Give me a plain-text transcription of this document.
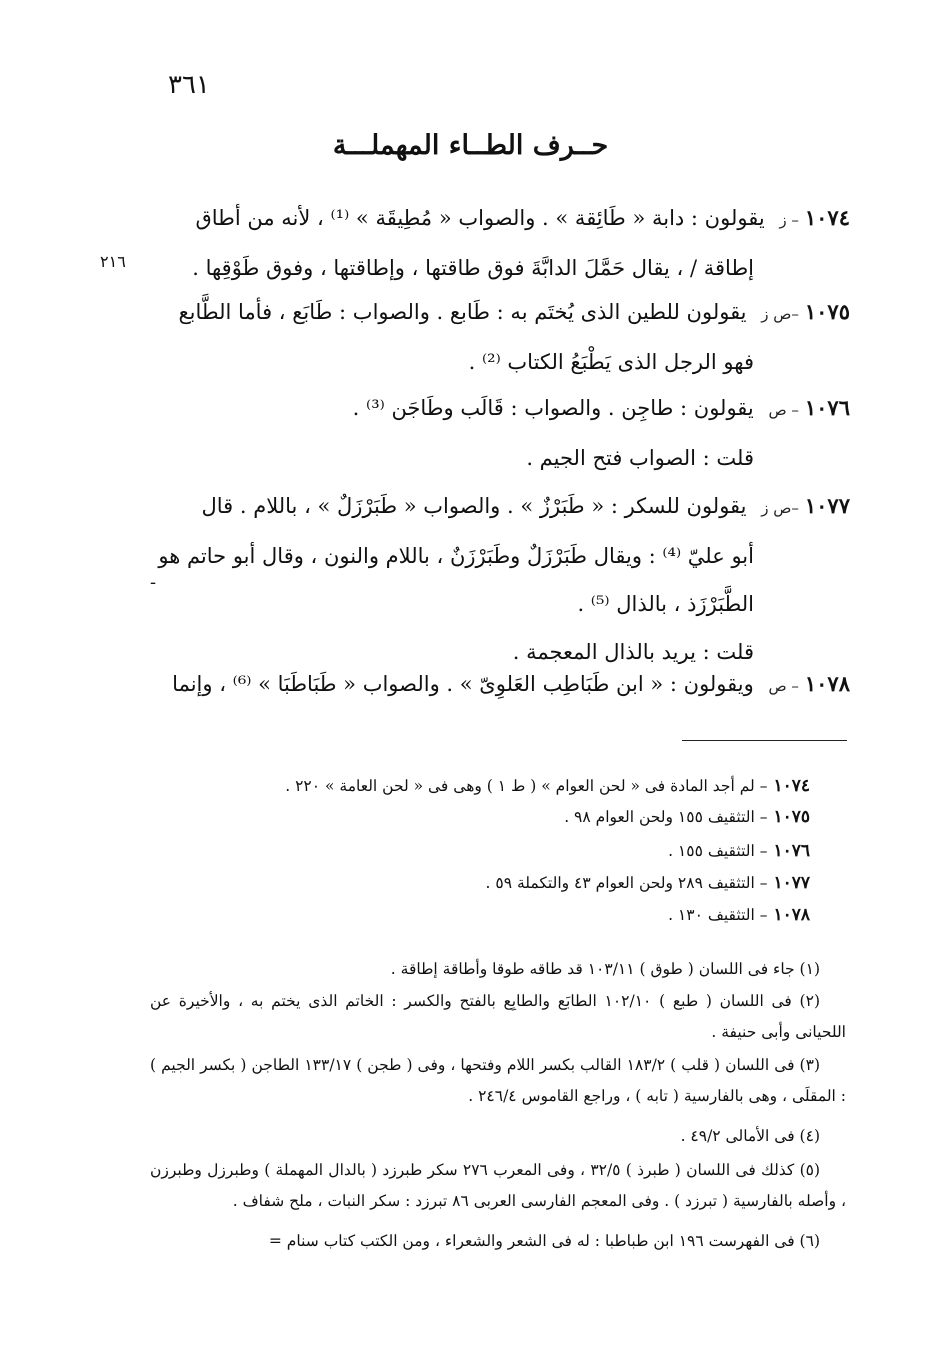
٣٦١
حــرف الطــاء المهملـــة
٢١٦
-
١٠٧٤– ز يقولون : دابة « طَائِقة » . والصواب « مُطِيقَة » ⁽¹⁾ ، لأنه من أطاق
إطاقة / ، يقال حَمَّلَ الدابَّةَ فوق طاقتها ، وإطاقتها ، وفوق طَوْقِها .
١٠٧٥–ص ز يقولون للطين الذى يُختَم به : طَابع . والصواب : طَابَع ، فأما الطَّابع
فهو الرجل الذى يَطْبَعُ الكتاب ⁽²⁾ .
١٠٧٦– ص يقولون : طاجِن . والصواب : قَالَب وطَاجَن ⁽³⁾ .
قلت : الصواب فتح الجيم .
١٠٧٧–ص ز يقولون للسكر : « طَبَرْزٌ » . والصواب « طَبَرْزَلٌ » ، باللام . قال
أبو عليّ ⁽⁴⁾ : ويقال طَبَرْزَلٌ وطَبَرْزَنٌ ، باللام والنون ، وقال أبو حاتم هو
الطَّبَرْزَذ ، بالذال ⁽⁵⁾ .
قلت : يريد بالذال المعجمة .
١٠٧٨– ص ويقولون : « ابن طَبَاطِب العَلوِىّ » . والصواب « طَبَاطَبَا » ⁽⁶⁾ ، وإنما
١٠٧٤– لم أجد المادة فى « لحن العوام » ( ط ١ ) وهى فى « لحن العامة » ٢٢٠ .
١٠٧٥– التثقيف ١٥٥ ولحن العوام ٩٨ .
١٠٧٦– التثقيف ١٥٥ .
١٠٧٧– التثقيف ٢٨٩ ولحن العوام ٤٣ والتكملة ٥٩ .
١٠٧٨– التثقيف ١٣٠ .
(١) جاء فى اللسان ( طوق ) ١٠٣/١١ قد طاقه طوقا وأطاقة إطاقة .
(٢) فى اللسان ( طبع ) ١٠٢/١٠ الطابَع والطابِع بالفتح والكسر : الخاتم الذى يختم به ، والأخيرة عن اللحيانى وأبى حنيفة .
(٣) فى اللسان ( قلب ) ١٨٣/٢ القالب بكسر اللام وفتحها ، وفى ( طجن ) ١٣٣/١٧ الطاجن ( بكسر الجيم ) : المقلَى ، وهى بالفارسية ( تابه ) ، وراجع القاموس ٢٤٦/٤ .
(٤) فى الأمالى ٤٩/٢ .
(٥) كذلك فى اللسان ( طبرذ ) ٣٢/٥ ، وفى المعرب ٢٧٦ سكر طبرزد ( بالدال المهملة ) وطبرزل وطبرزن ، وأصله بالفارسية ( تبرزد ) . وفى المعجم الفارسى العربى ٨٦ تبرزد : سكر النبات ، ملح شفاف .
(٦) فى الفهرست ١٩٦ ابن طباطبا : له فى الشعر والشعراء ، ومن الكتب كتاب سنام =
